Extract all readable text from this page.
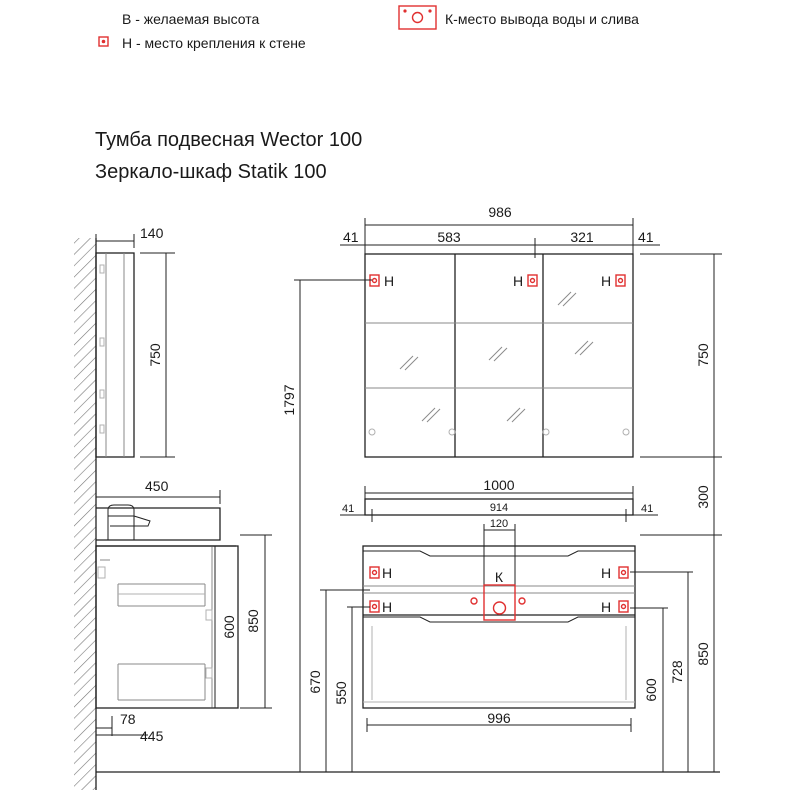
В - желаемая высота
Н - место крепления к стене
К-место вывода воды и слива
Тумба подвесная Wector 100
Зеркало-шкаф Statik 100
140
750
450
600 850
78
445
986
41	583	321	41
Н	Н	Н
750
1797
300
1000
41	914	41
120
Н	Н
Н	Н
К
996
670 550	600
728
850
